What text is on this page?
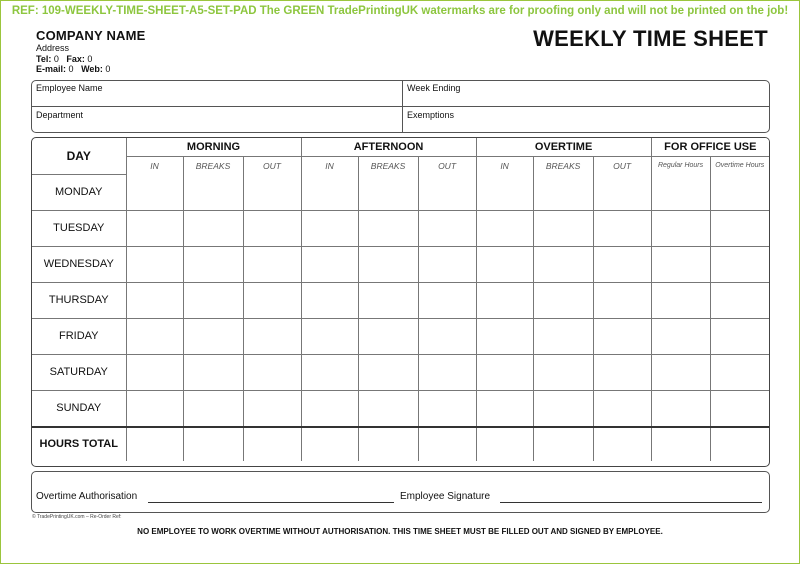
REF: 109-WEEKLY-TIME-SHEET-A5-SET-PAD The GREEN TradePrintingUK watermarks are for proofing only and will not be printed on the job!
COMPANY NAME
Address
Tel: 0 Fax: 0
E-mail: 0 Web: 0
WEEKLY TIME SHEET
Employee Name	Week Ending
Department	Exemptions
DAY	MORNING			AFTERNOON			OVERTIME			FOR OFFICE USE	
	IN	BREAKS	OUT	IN	BREAKS	OUT	IN	BREAKS	OUT	Regular Hours	Overtime Hours
MONDAY											
TUESDAY											
WEDNESDAY											
THURSDAY											
FRIDAY											
SATURDAY											
SUNDAY											
HOURS TOTAL											
Overtime Authorisation	Employee Signature
© TradePrintingUK.com – Re-Order Ref:
NO EMPLOYEE TO WORK OVERTIME WITHOUT AUTHORISATION. THIS TIME SHEET MUST BE FILLED OUT AND SIGNED BY EMPLOYEE.
